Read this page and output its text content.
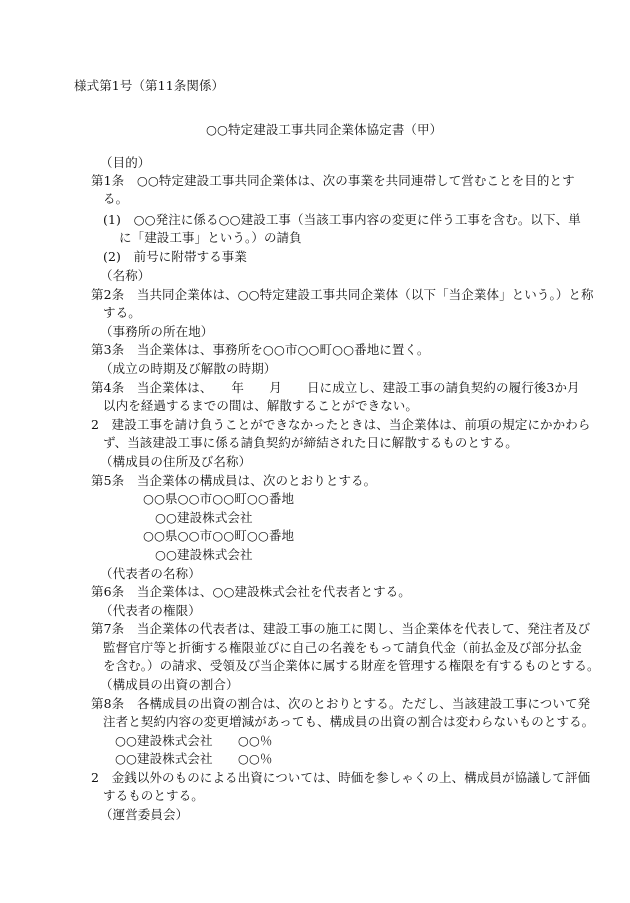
様式第1号（第11条関係）
○○特定建設工事共同企業体協定書（甲）
（目的）
第1条　○○特定建設工事共同企業体は、次の事業を共同連帯して営むことを目的とす
る。
(1)　○○発注に係る○○建設工事（当該工事内容の変更に伴う工事を含む。以下、単
に「建設工事」という。）の請負
(2)　前号に附帯する事業
（名称）
第2条　当共同企業体は、○○特定建設工事共同企業体（以下「当企業体」という。）と称
する。
（事務所の所在地）
第3条　当企業体は、事務所を○○市○○町○○番地に置く。
（成立の時期及び解散の時期）
第4条　当企業体は、　　年　　月　　日に成立し、建設工事の請負契約の履行後3か月
以内を経過するまでの間は、解散することができない。
2　建設工事を請け負うことができなかったときは、当企業体は、前項の規定にかかわら
ず、当該建設工事に係る請負契約が締結された日に解散するものとする。
（構成員の住所及び名称）
第5条　当企業体の構成員は、次のとおりとする。
○○県○○市○○町○○番地
○○建設株式会社
○○県○○市○○町○○番地
○○建設株式会社
（代表者の名称）
第6条　当企業体は、○○建設株式会社を代表者とする。
（代表者の権限）
第7条　当企業体の代表者は、建設工事の施工に関し、当企業体を代表して、発注者及び
監督官庁等と折衝する権限並びに自己の名義をもって請負代金（前払金及び部分払金
を含む。）の請求、受領及び当企業体に属する財産を管理する権限を有するものとする。
（構成員の出資の割合）
第8条　各構成員の出資の割合は、次のとおりとする。ただし、当該建設工事について発
注者と契約内容の変更増減があっても、構成員の出資の割合は変わらないものとする。
○○建設株式会社　　○○％
○○建設株式会社　　○○％
2　金銭以外のものによる出資については、時価を参しゃくの上、構成員が協議して評価
するものとする。
（運営委員会）
